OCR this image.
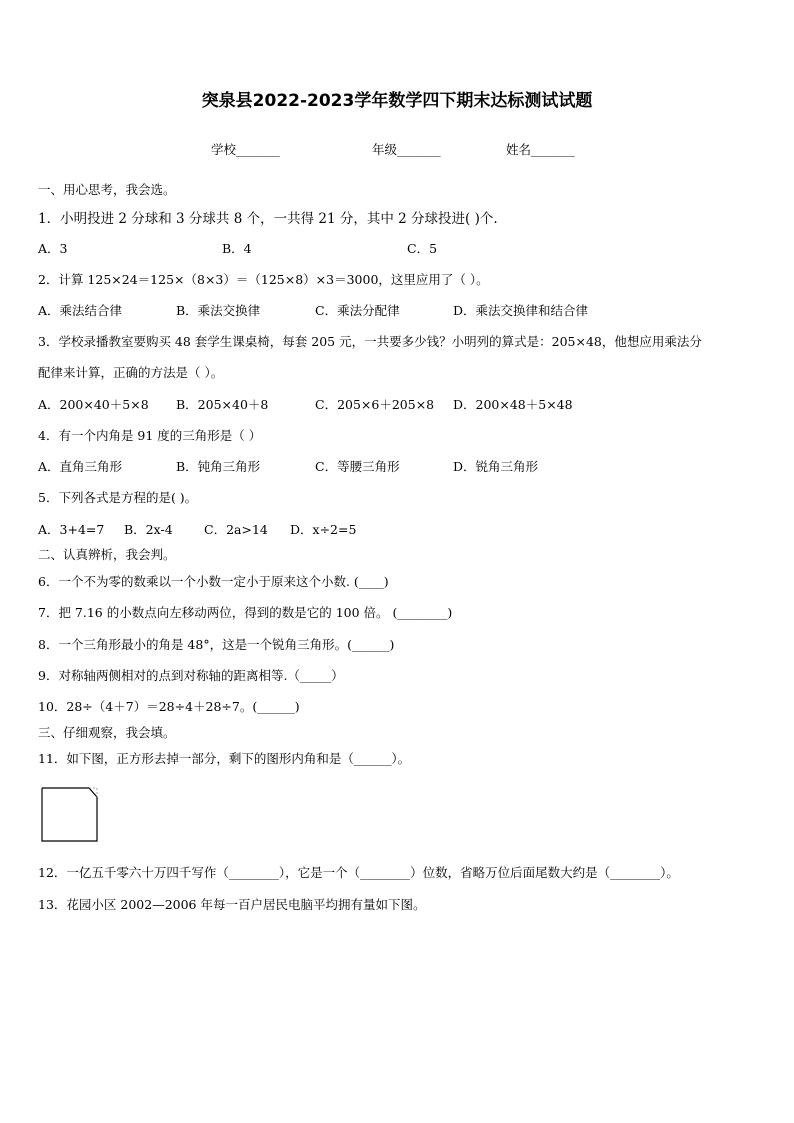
突泉县2022-2023学年数学四下期末达标测试试题
学校_______	年级_______	姓名_______
一、用心思考，我会选。
1．小明投进 2 分球和 3 分球共 8 个，一共得 21 分，其中 2 分球投进( )个.
A．3	B．4	C．5
2．计算 125×24＝125×（8×3）＝（125×8）×3＝3000，这里应用了（ ）。
A．乘法结合律	B．乘法交换律	C．乘法分配律	D．乘法交换律和结合律
3．学校录播教室要购买 48 套学生课桌椅，每套 205 元，一共要多少钱？小明列的算式是：205×48，他想应用乘法分
配律来计算，正确的方法是（ ）。
A．200×40＋5×8 B．205×40＋8	C．205×6＋205×8 D．200×48＋5×48
4．有一个内角是 91 度的三角形是（ ）
A．直角三角形	B．钝角三角形	C．等腰三角形	D．锐角三角形
5．下列各式是方程的是( )。
A．3+4=7 B．2x-4	C．2a>14 D．x÷2=5
二、认真辨析，我会判。
6．一个不为零的数乘以一个小数一定小于原来这个小数. (____)
7．把 7.16 的小数点向左移动两位，得到的数是它的 100 倍。 (________)
8．一个三角形最小的角是 48°，这是一个锐角三角形。(______)
9．对称轴两侧相对的点到对称轴的距离相等.（_____）
10．28÷（4＋7）＝28÷4＋28÷7。(______)
三、仔细观察，我会填。
11．如下图，正方形去掉一部分，剩下的图形内角和是（______）。
12．一亿五千零六十万四千写作（________），它是一个（________）位数，省略万位后面尾数大约是（________）。
13．花园小区 2002—2006 年每一百户居民电脑平均拥有量如下图。
